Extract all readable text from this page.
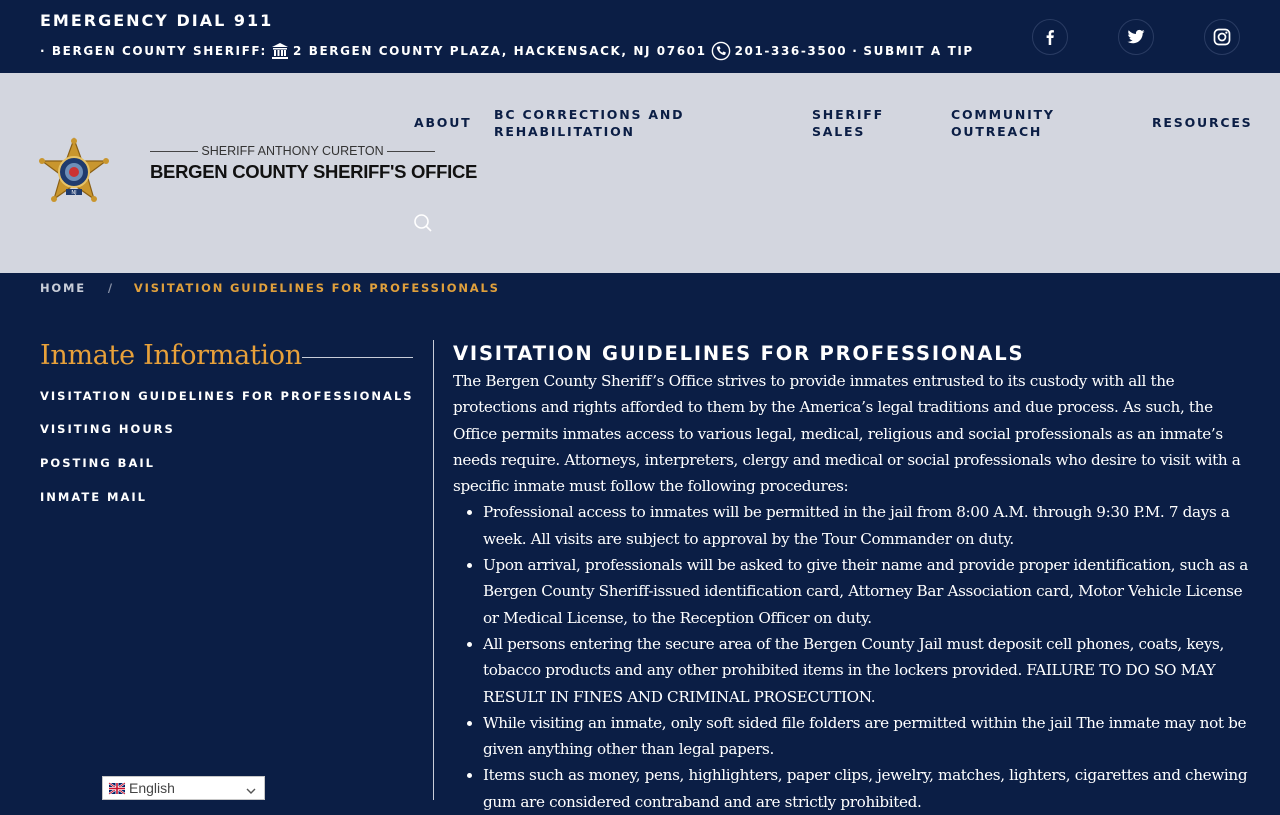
EMERGENCY DIAL 911
· BERGEN COUNTY SHERIFF: 2 BERGEN COUNTY PLAZA, HACKENSACK, NJ 07601 201-336-3500 · SUBMIT A TIP
NJ
SHERIFF ANTHONY CURETON
BERGEN COUNTY SHERIFF'S OFFICE
ABOUT
BC CORRECTIONS AND
REHABILITATION
SHERIFF
SALES
COMMUNITY
OUTREACH
RESOURCES
HOME / VISITATION GUIDELINES FOR PROFESSIONALS
Inmate Information
VISITATION GUIDELINES FOR PROFESSIONALS
VISITING HOURS
POSTING BAIL
INMATE MAIL
VISITATION GUIDELINES FOR PROFESSIONALS

The Bergen County Sheriff’s Office strives to provide inmates entrusted to its custody with all the protections and rights afforded to them by the America’s legal traditions and due process. As such, the Office permits inmates access to various legal, medical, religious and social professionals as an inmate’s needs require. Attorneys, interpreters, clergy and medical or social professionals who desire to visit with a specific inmate must follow the following procedures:

• Professional access to inmates will be permitted in the jail from 8:00 A.M. through 9:30 P.M. 7 days a week. All visits are subject to approval by the Tour Commander on duty.
• Upon arrival, professionals will be asked to give their name and provide proper identification, such as a Bergen County Sheriff-issued identification card, Attorney Bar Association card, Motor Vehicle License or Medical License, to the Reception Officer on duty.
• All persons entering the secure area of the Bergen County Jail must deposit cell phones, coats, keys, tobacco products and any other prohibited items in the lockers provided. FAILURE TO DO SO MAY RESULT IN FINES AND CRIMINAL PROSECUTION.
• While visiting an inmate, only soft sided file folders are permitted within the jail The inmate may not be given anything other than legal papers.
• Items such as money, pens, highlighters, paper clips, jewelry, matches, lighters, cigarettes and chewing gum are considered contraband and are strictly prohibited.
English
